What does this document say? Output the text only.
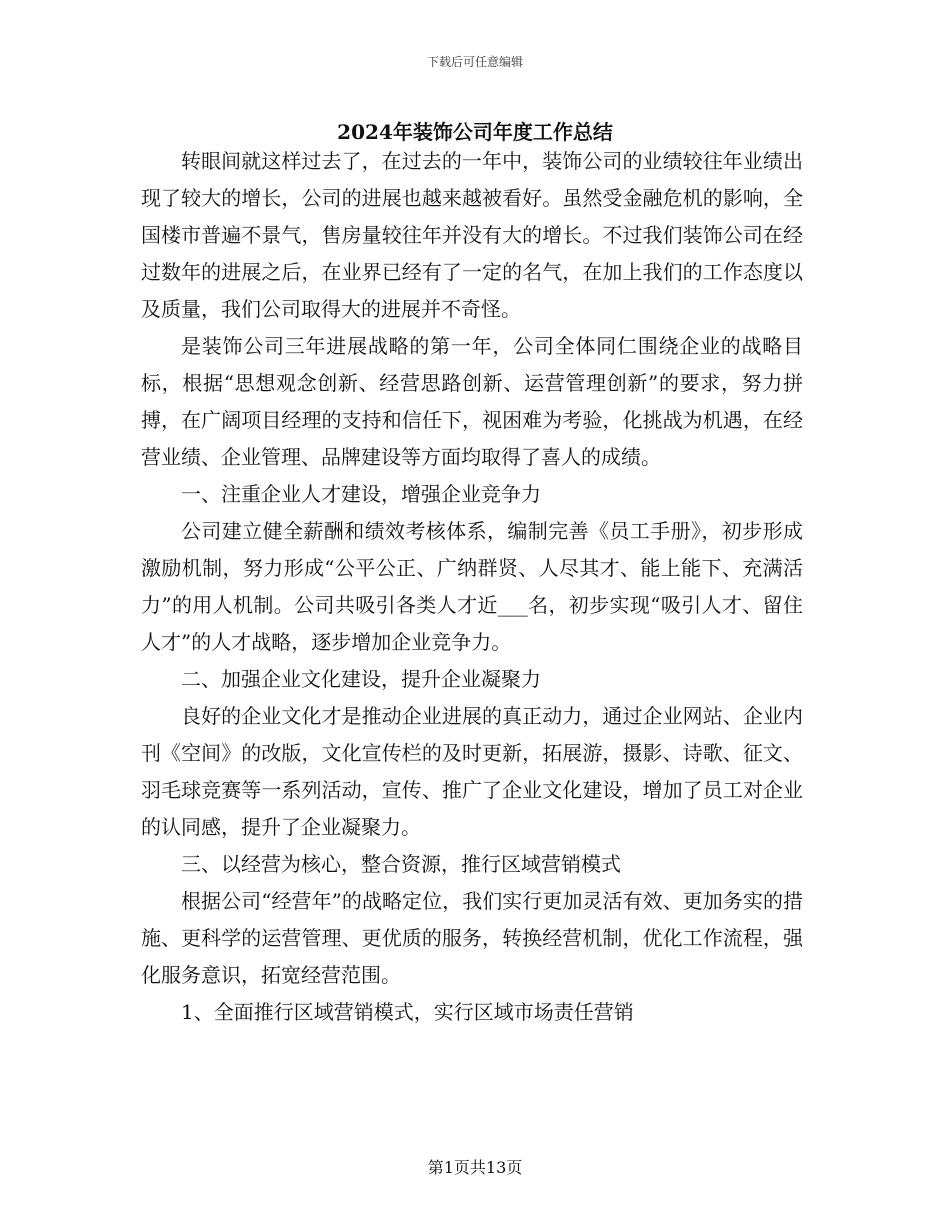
下载后可任意编辑
2024年装饰公司年度工作总结

转眼间就这样过去了，在过去的一年中，装饰公司的业绩较往年业绩出现了较大的增长，公司的进展也越来越被看好。虽然受金融危机的影响，全国楼市普遍不景气，售房量较往年并没有大的增长。不过我们装饰公司在经过数年的进展之后，在业界已经有了一定的名气，在加上我们的工作态度以及质量，我们公司取得大的进展并不奇怪。

是装饰公司三年进展战略的第一年，公司全体同仁围绕企业的战略目标，根据“思想观念创新、经营思路创新、运营管理创新”的要求，努力拼搏，在广阔项目经理的支持和信任下，视困难为考验，化挑战为机遇，在经营业绩、企业管理、品牌建设等方面均取得了喜人的成绩。

一、注重企业人才建设，增强企业竞争力

公司建立健全薪酬和绩效考核体系，编制完善《员工手册》，初步形成激励机制，努力形成“公平公正、广纳群贤、人尽其才、能上能下、充满活力”的用人机制。公司共吸引各类人才近___名，初步实现“吸引人才、留住人才”的人才战略，逐步增加企业竞争力。

二、加强企业文化建设，提升企业凝聚力

良好的企业文化才是推动企业进展的真正动力，通过企业网站、企业内刊《空间》的改版，文化宣传栏的及时更新，拓展游，摄影、诗歌、征文、羽毛球竞赛等一系列活动，宣传、推广了企业文化建设，增加了员工对企业的认同感，提升了企业凝聚力。

三、以经营为核心，整合资源，推行区域营销模式

根据公司“经营年”的战略定位，我们实行更加灵活有效、更加务实的措施、更科学的运营管理、更优质的服务，转换经营机制，优化工作流程，强化服务意识，拓宽经营范围。

1、全面推行区域营销模式，实行区域市场责任营销

第1页共13页
